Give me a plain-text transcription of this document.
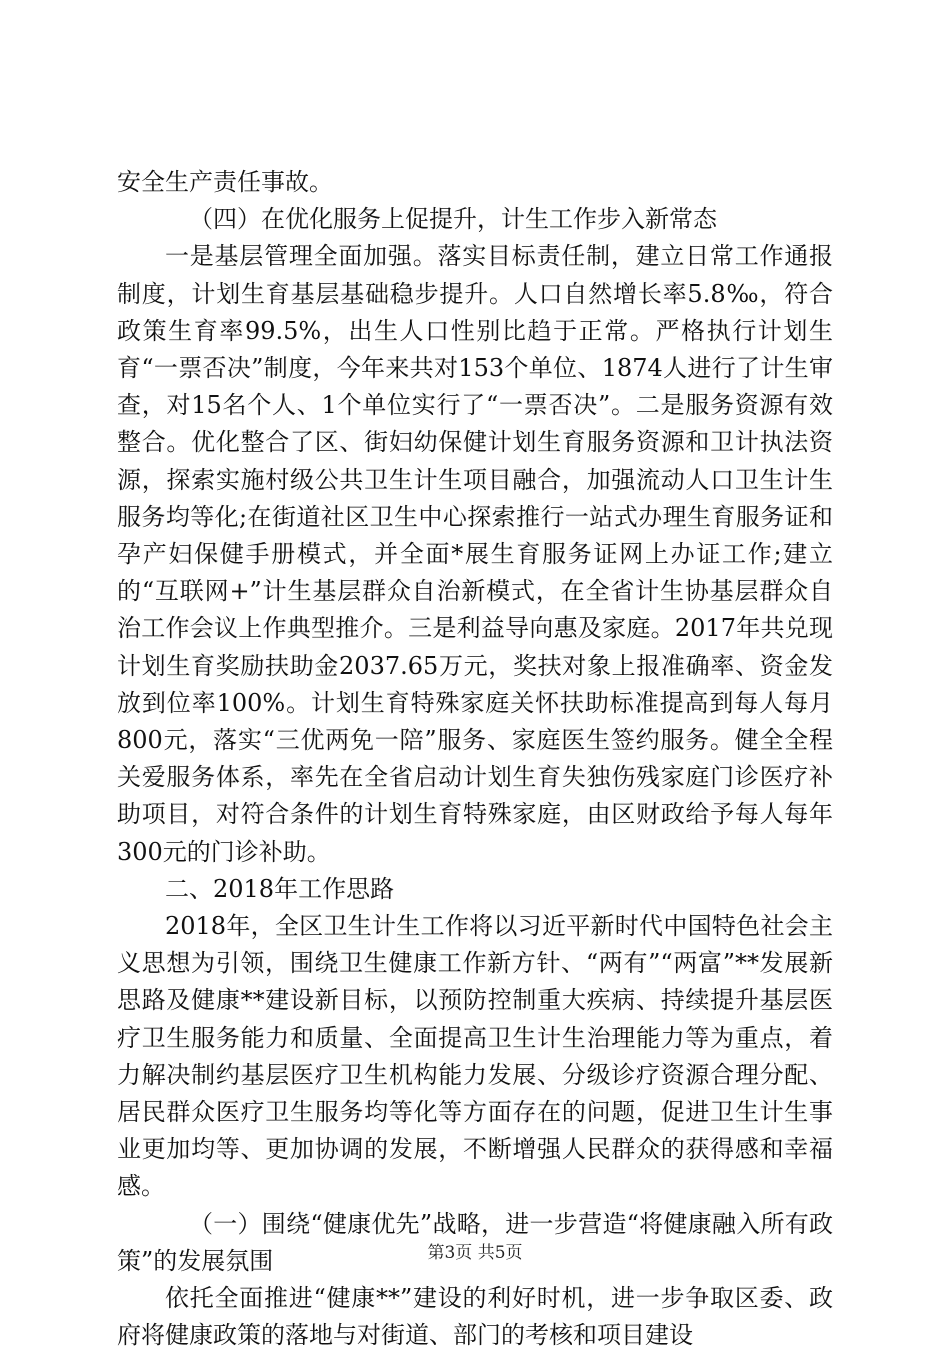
安全生产责任事故。

（四）在优化服务上促提升，计生工作步入新常态

一是基层管理全面加强。落实目标责任制，建立日常工作通报制度，计划生育基层基础稳步提升。人口自然增长率5.8‰，符合政策生育率99.5%，出生人口性别比趋于正常。严格执行计划生育“一票否决”制度，今年来共对153个单位、1874人进行了计生审查，对15名个人、1个单位实行了“一票否决”。二是服务资源有效整合。优化整合了区、街妇幼保健计划生育服务资源和卫计执法资源，探索实施村级公共卫生计生项目融合，加强流动人口卫生计生服务均等化;在街道社区卫生中心探索推行一站式办理生育服务证和孕产妇保健手册模式，并全面*展生育服务证网上办证工作;建立的“互联网+”计生基层群众自治新模式，在全省计生协基层群众自治工作会议上作典型推介。三是利益导向惠及家庭。2017年共兑现计划生育奖励扶助金2037.65万元，奖扶对象上报准确率、资金发放到位率100%。计划生育特殊家庭关怀扶助标准提高到每人每月800元，落实“三优两免一陪”服务、家庭医生签约服务。健全全程关爱服务体系，率先在全省启动计划生育失独伤残家庭门诊医疗补助项目，对符合条件的计划生育特殊家庭，由区财政给予每人每年300元的门诊补助。

二、2018年工作思路

2018年，全区卫生计生工作将以习近平新时代中国特色社会主义思想为引领，围绕卫生健康工作新方针、“两有”“两富”**发展新思路及健康**建设新目标，以预防控制重大疾病、持续提升基层医疗卫生服务能力和质量、全面提高卫生计生治理能力等为重点，着力解决制约基层医疗卫生机构能力发展、分级诊疗资源合理分配、居民群众医疗卫生服务均等化等方面存在的问题，促进卫生计生事业更加均等、更加协调的发展，不断增强人民群众的获得感和幸福感。

（一）围绕“健康优先”战略，进一步营造“将健康融入所有政策”的发展氛围

依托全面推进“健康**”建设的利好时机，进一步争取区委、政府将健康政策的落地与对街道、部门的考核和项目建设

第3页 共5页
